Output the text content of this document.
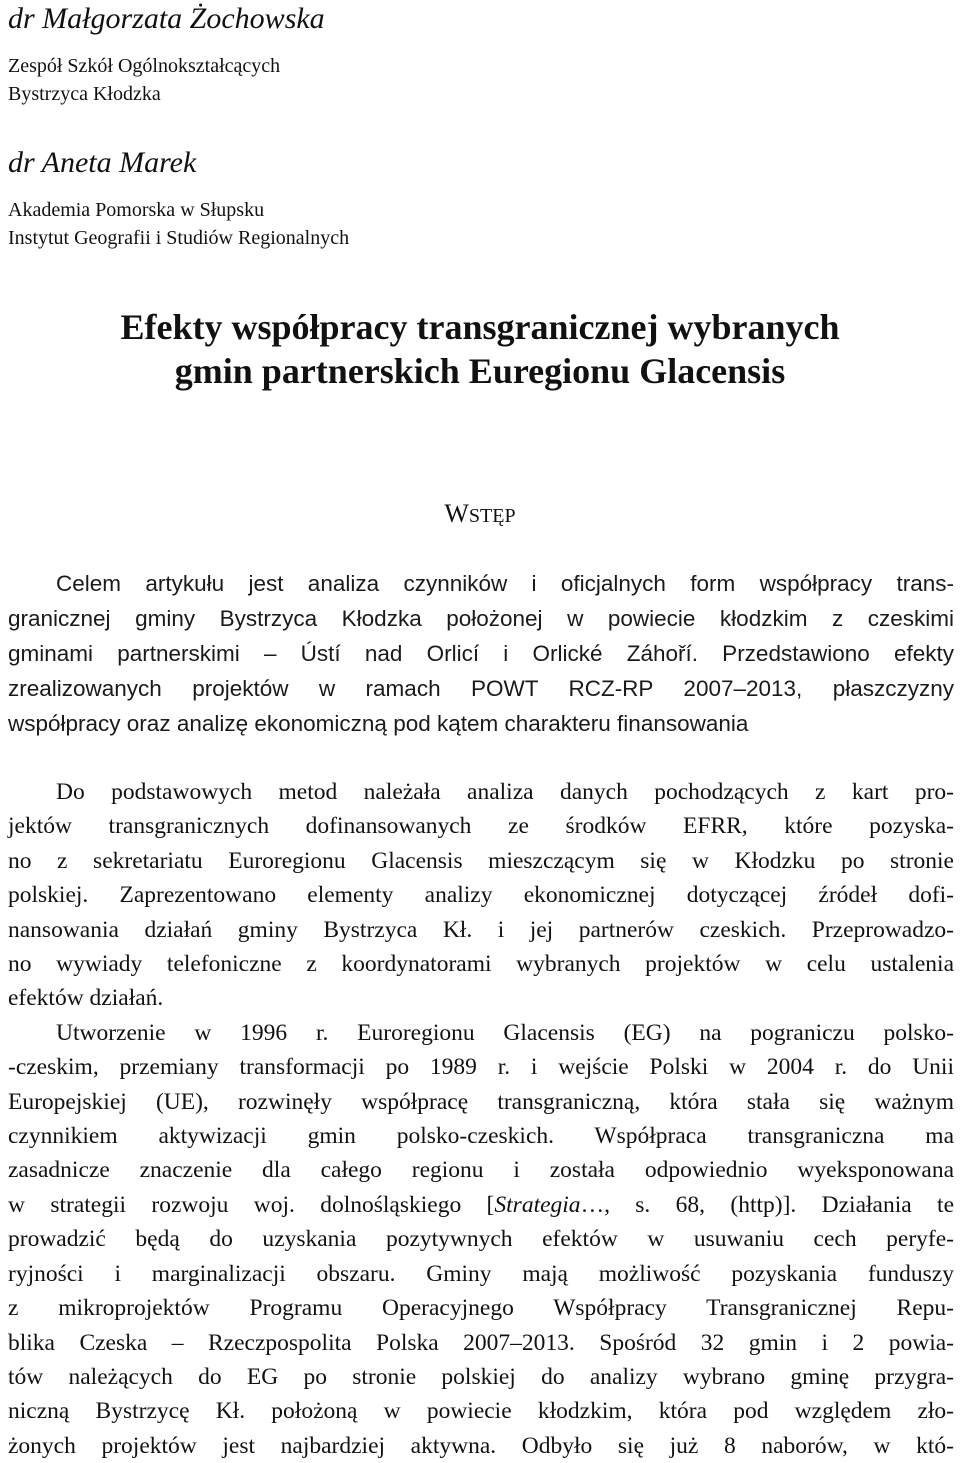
dr Małgorzata Żochowska
Zespół Szkół Ogólnokształcących
Bystrzyca Kłodzka
dr Aneta Marek
Akademia Pomorska w Słupsku
Instytut Geografii i Studiów Regionalnych
Efekty współpracy transgranicznej wybranych
gmin partnerskich Euregionu Glacensis
WSTĘP
Celem artykułu jest analiza czynników i oficjalnych form współpracy trans-
granicznej gminy Bystrzyca Kłodzka położonej w powiecie kłodzkim z czeskimi
gminami partnerskimi – Ústí nad Orlicí i Orlické Záhoří. Przedstawiono efekty
zrealizowanych projektów w ramach POWT RCZ-RP 2007–2013, płaszczyzny
współpracy oraz analizę ekonomiczną pod kątem charakteru finansowania
Do podstawowych metod należała analiza danych pochodzących z kart pro-
jektów transgranicznych dofinansowanych ze środków EFRR, które pozyska-
no z sekretariatu Euroregionu Glacensis mieszczącym się w Kłodzku po stronie
polskiej. Zaprezentowano elementy analizy ekonomicznej dotyczącej źródeł dofi-
nansowania działań gminy Bystrzyca Kł. i jej partnerów czeskich. Przeprowadzo-
no wywiady telefoniczne z koordynatorami wybranych projektów w celu ustalenia
efektów działań.
Utworzenie w 1996 r. Euroregionu Glacensis (EG) na pograniczu polsko-
-czeskim, przemiany transformacji po 1989 r. i wejście Polski w 2004 r. do Unii
Europejskiej (UE), rozwinęły współpracę transgraniczną, która stała się ważnym
czynnikiem aktywizacji gmin polsko-czeskich. Współpraca transgraniczna ma
zasadnicze znaczenie dla całego regionu i została odpowiednio wyeksponowana
w strategii rozwoju woj. dolnośląskiego [Strategia…, s. 68, (http)]. Działania te
prowadzić będą do uzyskania pozytywnych efektów w usuwaniu cech peryfe-
ryjności i marginalizacji obszaru. Gminy mają możliwość pozyskania funduszy
z mikroprojektów Programu Operacyjnego Współpracy Transgranicznej Repu-
blika Czeska – Rzeczpospolita Polska 2007–2013. Spośród 32 gmin i 2 powia-
tów należących do EG po stronie polskiej do analizy wybrano gminę przygra-
niczną Bystrzycę Kł. położoną w powiecie kłodzkim, która pod względem zło-
żonych projektów jest najbardziej aktywna. Odbyło się już 8 naborów, w któ-
